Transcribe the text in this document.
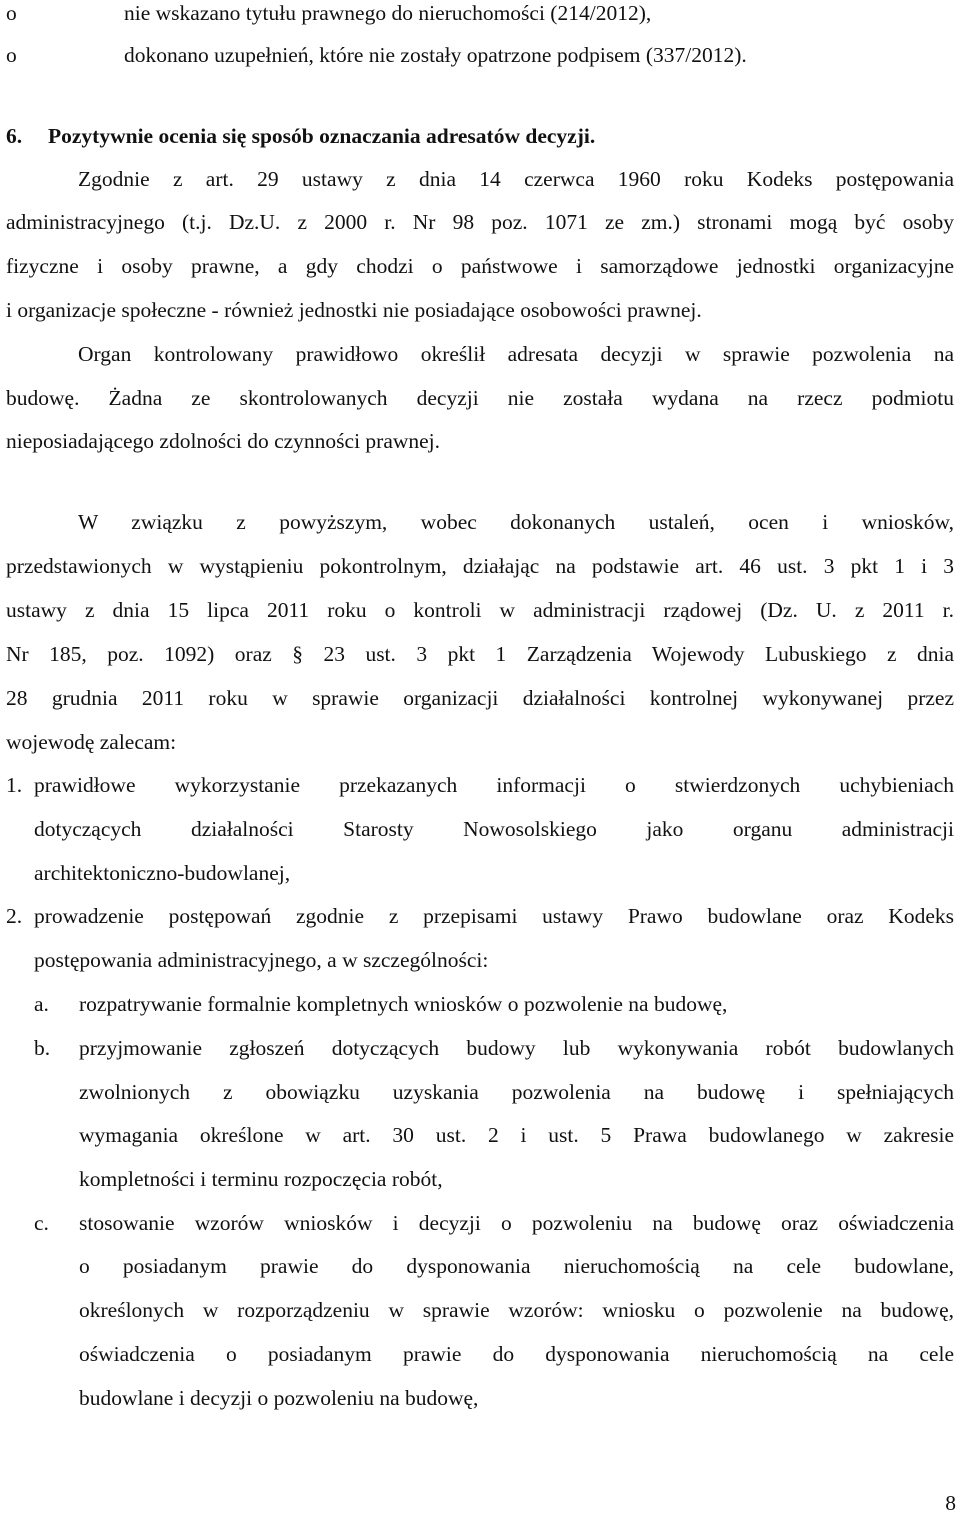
o	nie wskazano tytułu prawnego do nieruchomości (214/2012),

o	dokonano uzupełnień, które nie zostały opatrzone podpisem (337/2012).

6. Pozytywnie ocenia się sposób oznaczania adresatów decyzji.

Zgodnie z art. 29 ustawy z dnia 14 czerwca 1960 roku Kodeks postępowania

administracyjnego (t.j. Dz.U. z 2000 r. Nr 98 poz. 1071 ze zm.) stronami mogą być osoby

fizyczne i osoby prawne, a gdy chodzi o państwowe i samorządowe jednostki organizacyjne

i organizacje społeczne - również jednostki nie posiadające osobowości prawnej.

Organ kontrolowany prawidłowo określił adresata decyzji w sprawie pozwolenia na

budowę. Żadna ze skontrolowanych decyzji nie została wydana na rzecz podmiotu

nieposiadającego zdolności do czynności prawnej.

W związku z powyższym, wobec dokonanych ustaleń, ocen i wniosków,

przedstawionych w wystąpieniu pokontrolnym, działając na podstawie art. 46 ust. 3 pkt 1 i 3

ustawy z dnia 15 lipca 2011 roku o kontroli w administracji rządowej (Dz. U. z 2011 r.

Nr 185, poz. 1092) oraz § 23 ust. 3 pkt 1 Zarządzenia Wojewody Lubuskiego z dnia

28 grudnia 2011 roku w sprawie organizacji działalności kontrolnej wykonywanej przez

wojewodę zalecam:

1. prawidłowe wykorzystanie przekazanych informacji o stwierdzonych uchybieniach

dotyczących działalności Starosty Nowosolskiego jako organu administracji

architektoniczno-budowlanej,

2. prowadzenie postępowań zgodnie z przepisami ustawy Prawo budowlane oraz Kodeks

postępowania administracyjnego, a w szczególności:

a. rozpatrywanie formalnie kompletnych wniosków o pozwolenie na budowę,

b. przyjmowanie zgłoszeń dotyczących budowy lub wykonywania robót budowlanych

zwolnionych z obowiązku uzyskania pozwolenia na budowę i spełniających

wymagania określone w art. 30 ust. 2 i ust. 5 Prawa budowlanego w zakresie

kompletności i terminu rozpoczęcia robót,

c. stosowanie wzorów wniosków i decyzji o pozwoleniu na budowę oraz oświadczenia

o posiadanym prawie do dysponowania nieruchomością na cele budowlane,

określonych w rozporządzeniu w sprawie wzorów: wniosku o pozwolenie na budowę,

oświadczenia o posiadanym prawie do dysponowania nieruchomością na cele

budowlane i decyzji o pozwoleniu na budowę,

8
